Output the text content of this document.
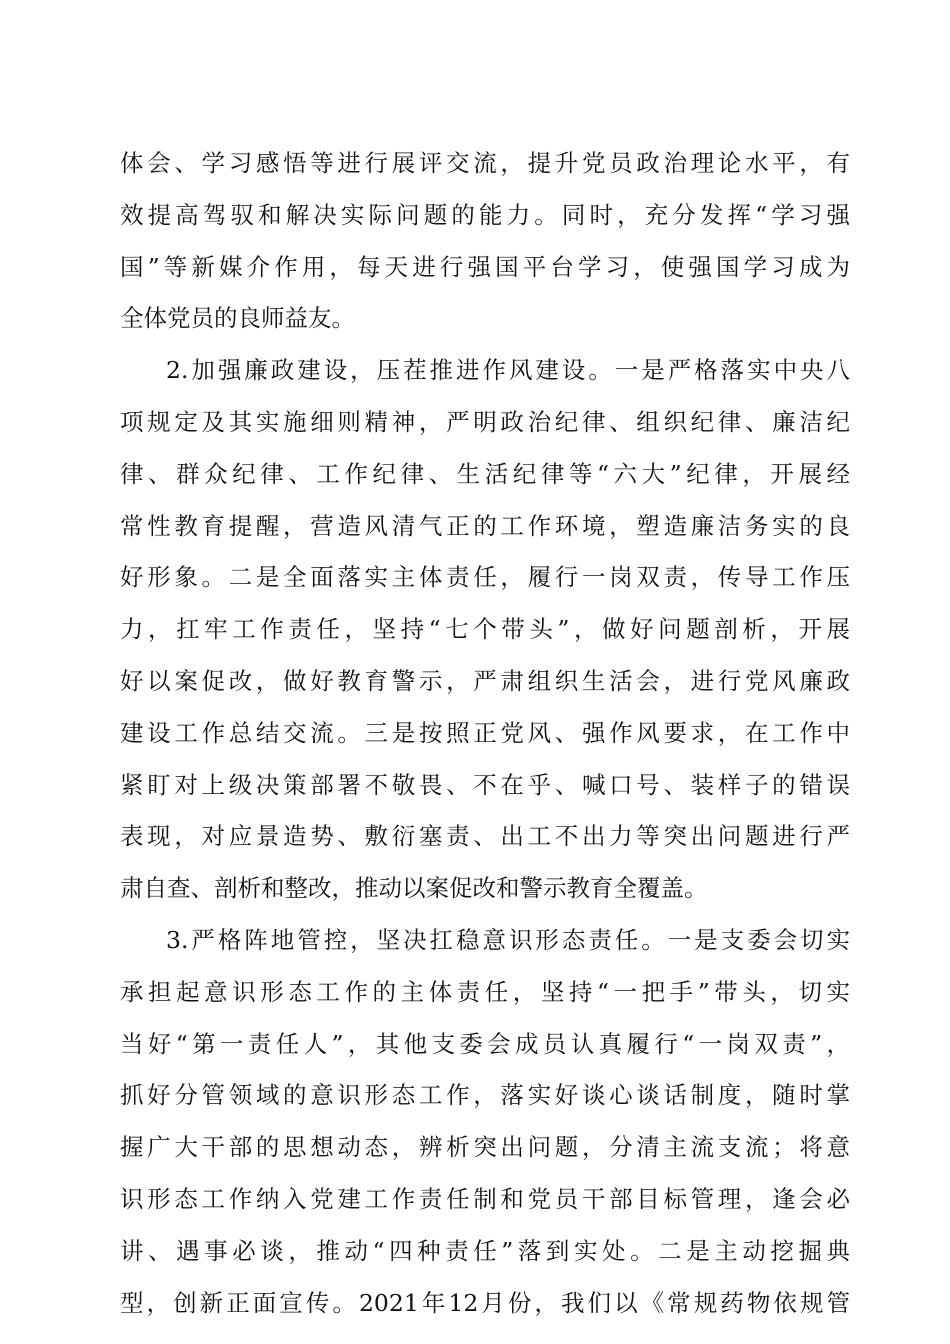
体会、学习感悟等进行展评交流，提升党员政治理论水平，有
效提高驾驭和解决实际问题的能力。同时，充分发挥“学习强
国”等新媒介作用，每天进行强国平台学习，使强国学习成为
全体党员的良师益友。
2.加强廉政建设，压茬推进作风建设。一是严格落实中央八
项规定及其实施细则精神，严明政治纪律、组织纪律、廉洁纪
律、群众纪律、工作纪律、生活纪律等“六大”纪律，开展经
常性教育提醒，营造风清气正的工作环境，塑造廉洁务实的良
好形象。二是全面落实主体责任，履行一岗双责，传导工作压
力，扛牢工作责任，坚持“七个带头”，做好问题剖析，开展
好以案促改，做好教育警示，严肃组织生活会，进行党风廉政
建设工作总结交流。三是按照正党风、强作风要求，在工作中
紧盯对上级决策部署不敬畏、不在乎、喊口号、装样子的错误
表现，对应景造势、敷衍塞责、出工不出力等突出问题进行严
肃自查、剖析和整改，推动以案促改和警示教育全覆盖。
3.严格阵地管控，坚决扛稳意识形态责任。一是支委会切实
承担起意识形态工作的主体责任，坚持“一把手”带头，切实
当好“第一责任人”，其他支委会成员认真履行“一岗双责”，
抓好分管领域的意识形态工作，落实好谈心谈话制度，随时掌
握广大干部的思想动态，辨析突出问题，分清主流支流；将意
识形态工作纳入党建工作责任制和党员干部目标管理，逢会必
讲、遇事必谈，推动“四种责任”落到实处。二是主动挖掘典
型，创新正面宣传。2021年12月份，我们以《常规药物依规管
